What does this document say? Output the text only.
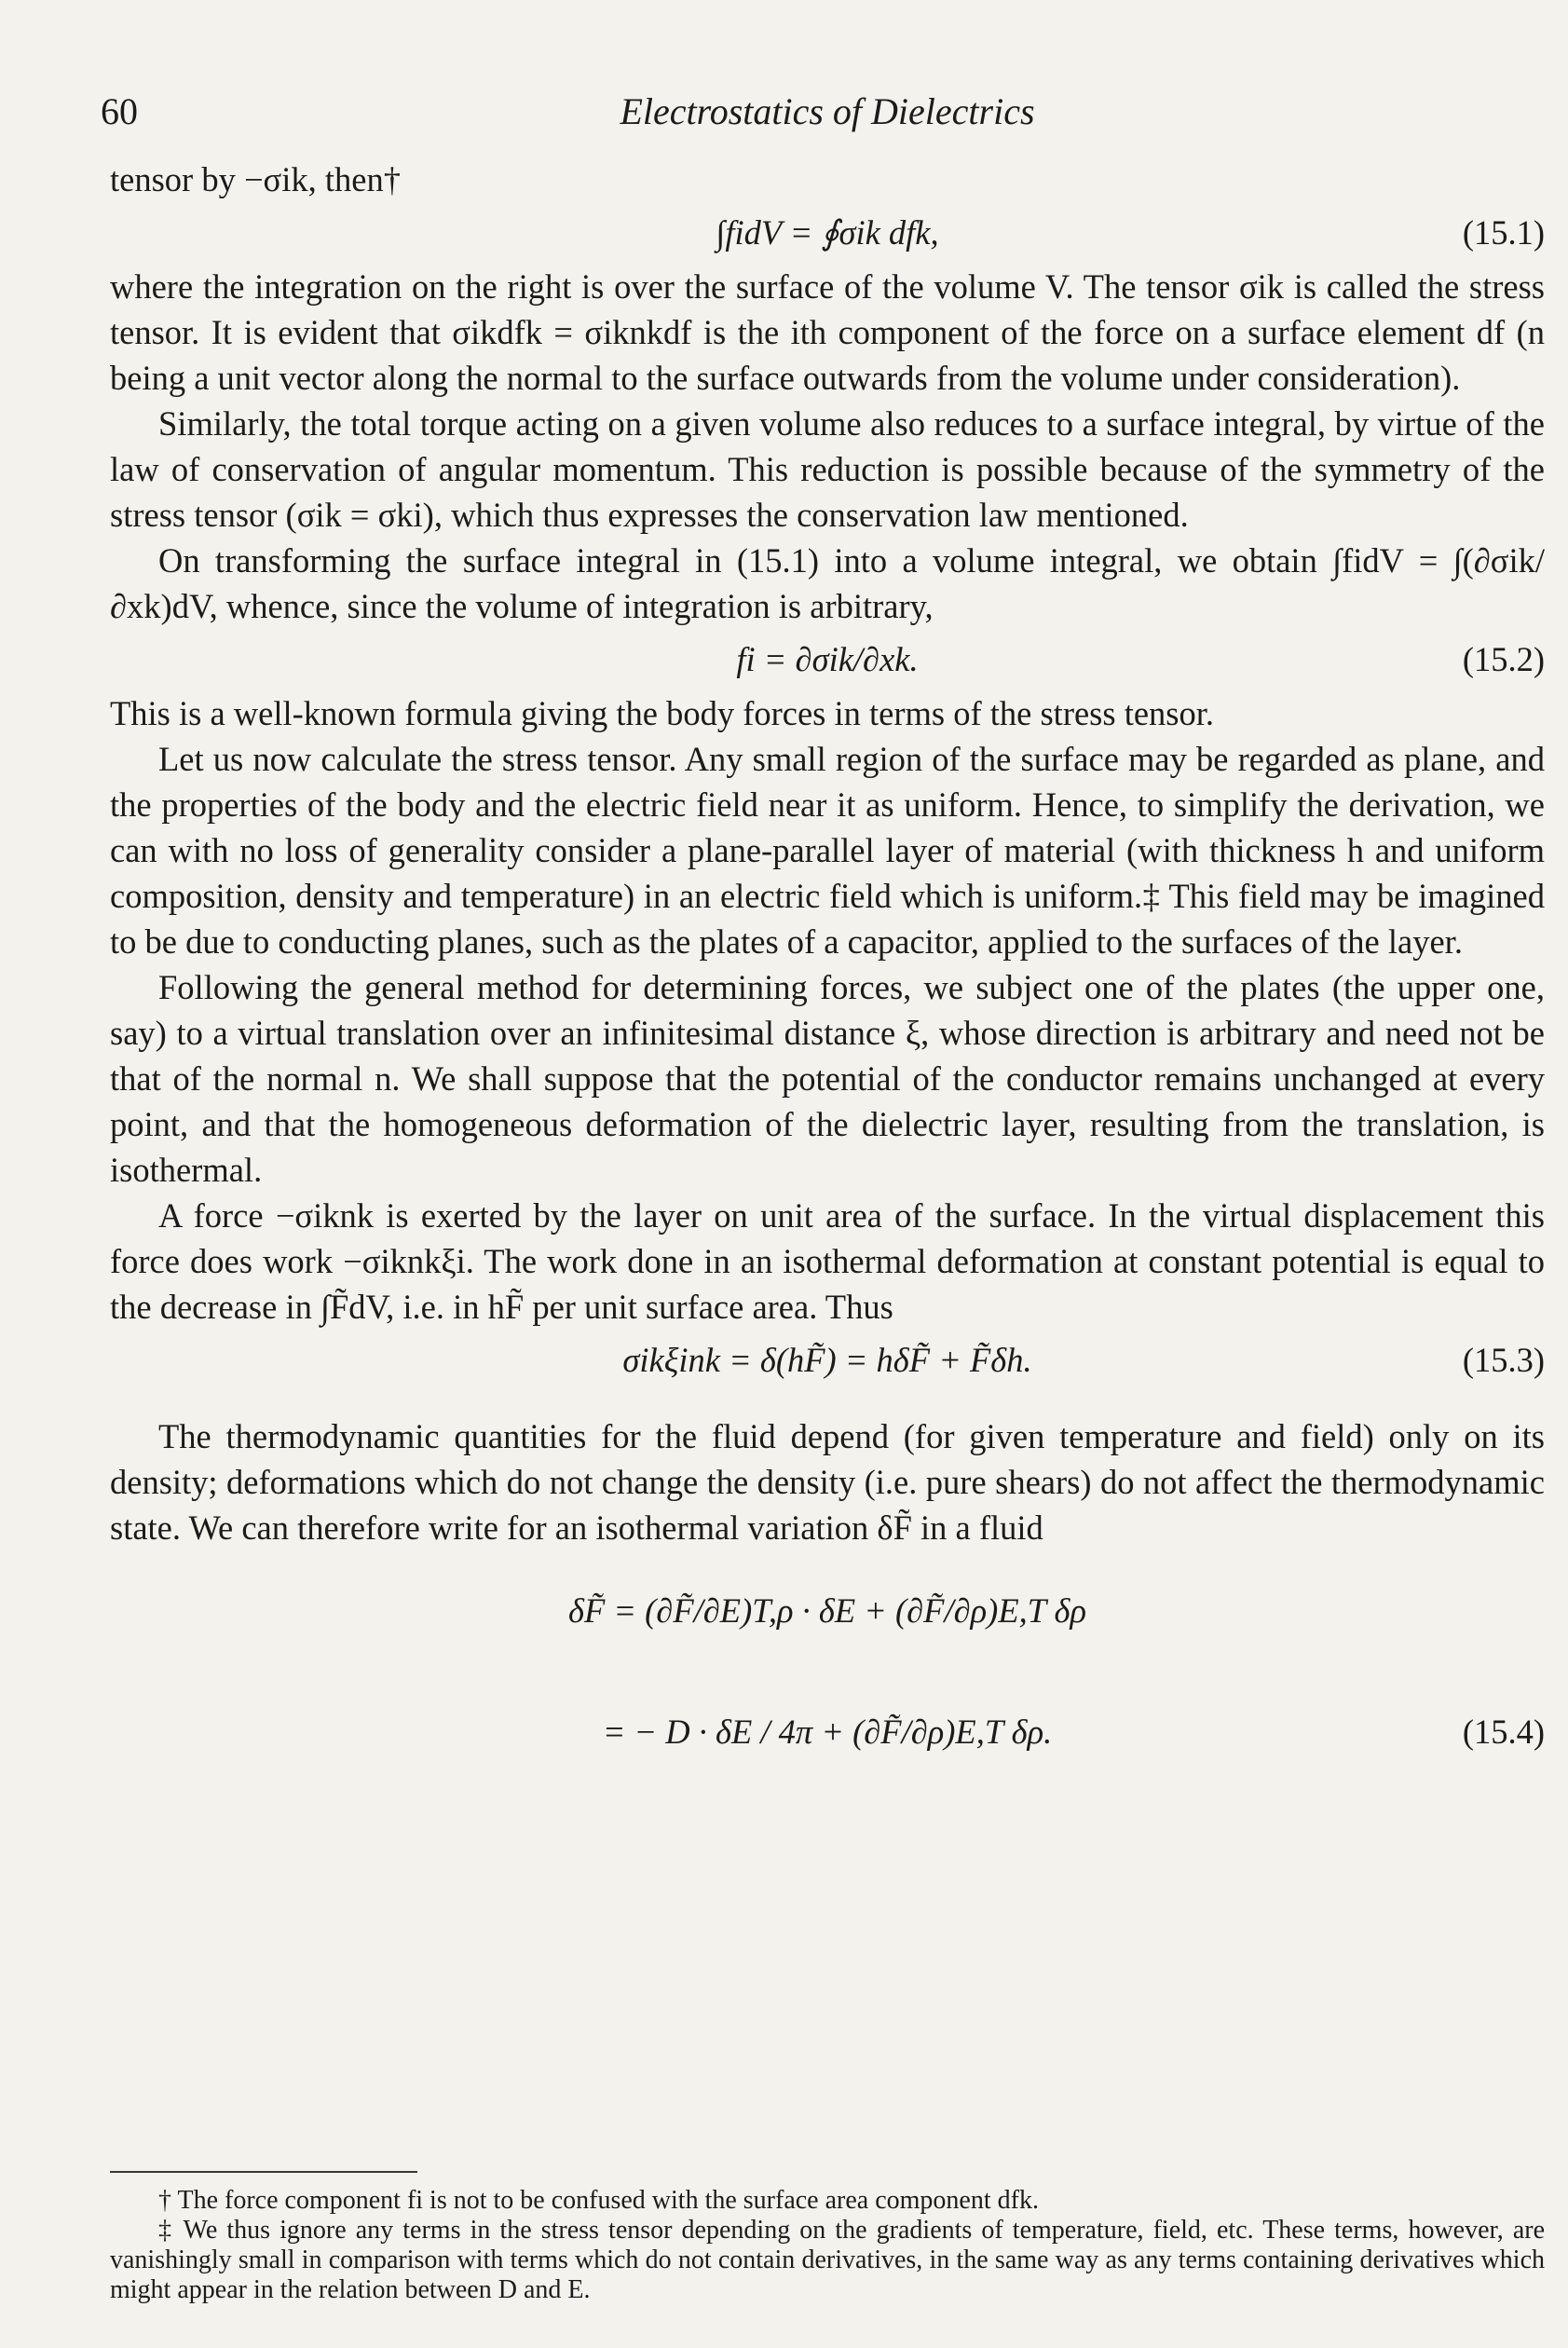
60	Electrostatics of Dielectrics

tensor by −σik, then†

∫fidV = ∮σik dfk,	(15.1)

where the integration on the right is over the surface of the volume V. The tensor σik is called the stress tensor. It is evident that σikdfk = σiknkdf is the ith component of the force on a surface element df (n being a unit vector along the normal to the surface outwards from the volume under consideration).

Similarly, the total torque acting on a given volume also reduces to a surface integral, by virtue of the law of conservation of angular momentum. This reduction is possible because of the symmetry of the stress tensor (σik = σki), which thus expresses the conservation law mentioned.

On transforming the surface integral in (15.1) into a volume integral, we obtain ∫fidV = ∫(∂σik/∂xk)dV, whence, since the volume of integration is arbitrary,

fi = ∂σik/∂xk.	(15.2)

This is a well-known formula giving the body forces in terms of the stress tensor.

Let us now calculate the stress tensor. Any small region of the surface may be regarded as plane, and the properties of the body and the electric field near it as uniform. Hence, to simplify the derivation, we can with no loss of generality consider a plane-parallel layer of material (with thickness h and uniform composition, density and temperature) in an electric field which is uniform.‡ This field may be imagined to be due to conducting planes, such as the plates of a capacitor, applied to the surfaces of the layer.

Following the general method for determining forces, we subject one of the plates (the upper one, say) to a virtual translation over an infinitesimal distance ξ, whose direction is arbitrary and need not be that of the normal n. We shall suppose that the potential of the conductor remains unchanged at every point, and that the homogeneous deformation of the dielectric layer, resulting from the translation, is isothermal.

A force −σiknk is exerted by the layer on unit area of the surface. In the virtual displacement this force does work −σiknkξi. The work done in an isothermal deformation at constant potential is equal to the decrease in ∫F̃dV, i.e. in hF̃ per unit surface area. Thus

σikξink = δ(hF̃) = hδF̃ + F̃δh.	(15.3)

The thermodynamic quantities for the fluid depend (for given temperature and field) only on its density; deformations which do not change the density (i.e. pure shears) do not affect the thermodynamic state. We can therefore write for an isothermal variation δF̃ in a fluid

δF̃ = (∂F̃/∂E)T,ρ · δE + (∂F̃/∂ρ)E,T δρ
= − D · δE / 4π + (∂F̃/∂ρ)E,T δρ.	(15.4)

† The force component fi is not to be confused with the surface area component dfk.

‡ We thus ignore any terms in the stress tensor depending on the gradients of temperature, field, etc. These terms, however, are vanishingly small in comparison with terms which do not contain derivatives, in the same way as any terms containing derivatives which might appear in the relation between D and E.
